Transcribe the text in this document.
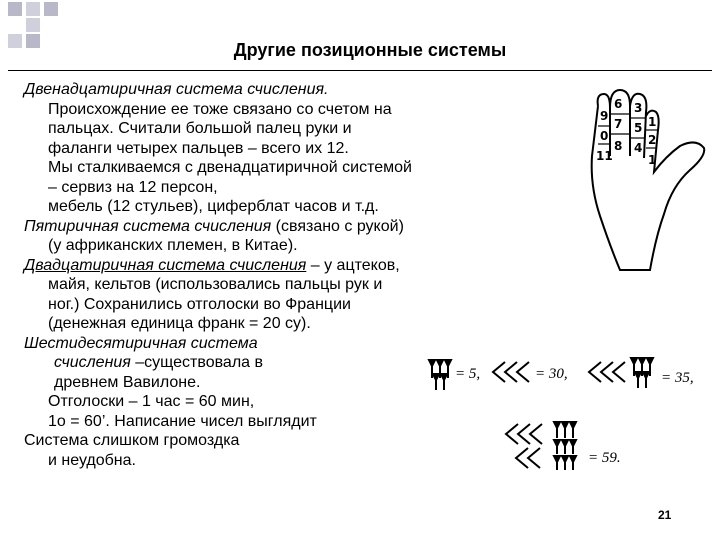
Другие позиционные системы

Двенадцатиричная система счисления.

Происхождение ее тоже связано со счетом на

пальцах. Считали большой палец руки и

фаланги четырех пальцев – всего их 12.

Мы сталкиваемся с двенадцатиричной системой

– сервиз на 12 персон,

мебель (12 стульев), циферблат часов и т.д.

Пятиричная система счисления (связано с рукой)

(у африканских племен, в Китае).

Двадцатиричная система счисления – у ацтеков,

майя, кельтов (использовались пальцы рук и

ног.) Сохранились отголоски во Франции

(денежная единица франк = 20 су).

Шестидесятиричная система

счисления –существовала в

древнем Вавилоне.

Отголоски – 1 час = 60 мин,

1о = 60’. Написание чисел выглядит

Система слишком громоздка

и неудобна.

9
6 3
1
0
7 5
2
11
8 4
1
= 5,	= 30,	= 35,
= 59.
21
